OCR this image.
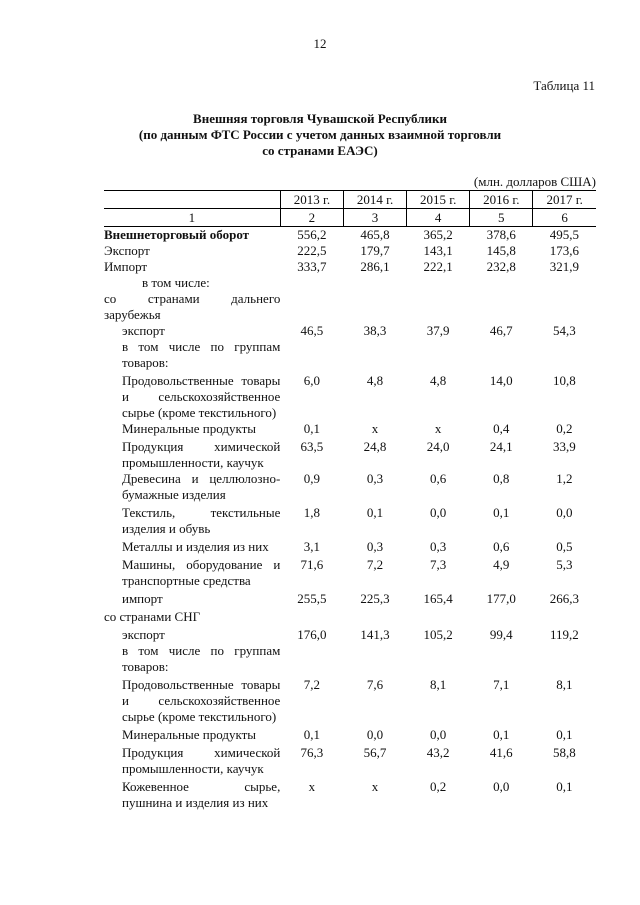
12
Таблица 11
Внешняя торговля Чувашской Республики
(по данным ФТС России с учетом данных взаимной торговли
со странами ЕАЭС)
(млн. долларов США)
	2013 г.	2014 г.	2015 г.	2016 г.	2017 г.
1	2	3	4	5	6
Внешнеторговый оборот	556,2	465,8	365,2	378,6	495,5
Экспорт	222,5	179,7	143,1	145,8	173,6
Импорт	333,7	286,1	222,1	232,8	321,9
в том числе:					
со странами дальнего зарубежья					
экспорт	46,5	38,3	37,9	46,7	54,3
в том числе по группам товаров:					
Продовольственные товары и сельскохозяйственное сырье (кроме текстильного)	6,0	4,8	4,8	14,0	10,8
Минеральные продукты	0,1	x	x	0,4	0,2
Продукция химической промышленности, каучук	63,5	24,8	24,0	24,1	33,9
Древесина и целлюлозно-бумажные изделия	0,9	0,3	0,6	0,8	1,2
Текстиль, текстильные изделия и обувь	1,8	0,1	0,0	0,1	0,0
Металлы и изделия из них	3,1	0,3	0,3	0,6	0,5
Машины, оборудование и транспортные средства	71,6	7,2	7,3	4,9	5,3
импорт	255,5	225,3	165,4	177,0	266,3
со странами СНГ					
экспорт	176,0	141,3	105,2	99,4	119,2
в том числе по группам товаров:					
Продовольственные товары и сельскохозяйственное сырье (кроме текстильного)	7,2	7,6	8,1	7,1	8,1
Минеральные продукты	0,1	0,0	0,0	0,1	0,1
Продукция химической промышленности, каучук	76,3	56,7	43,2	41,6	58,8
Кожевенное сырье, пушнина и изделия из них	x	x	0,2	0,0	0,1
